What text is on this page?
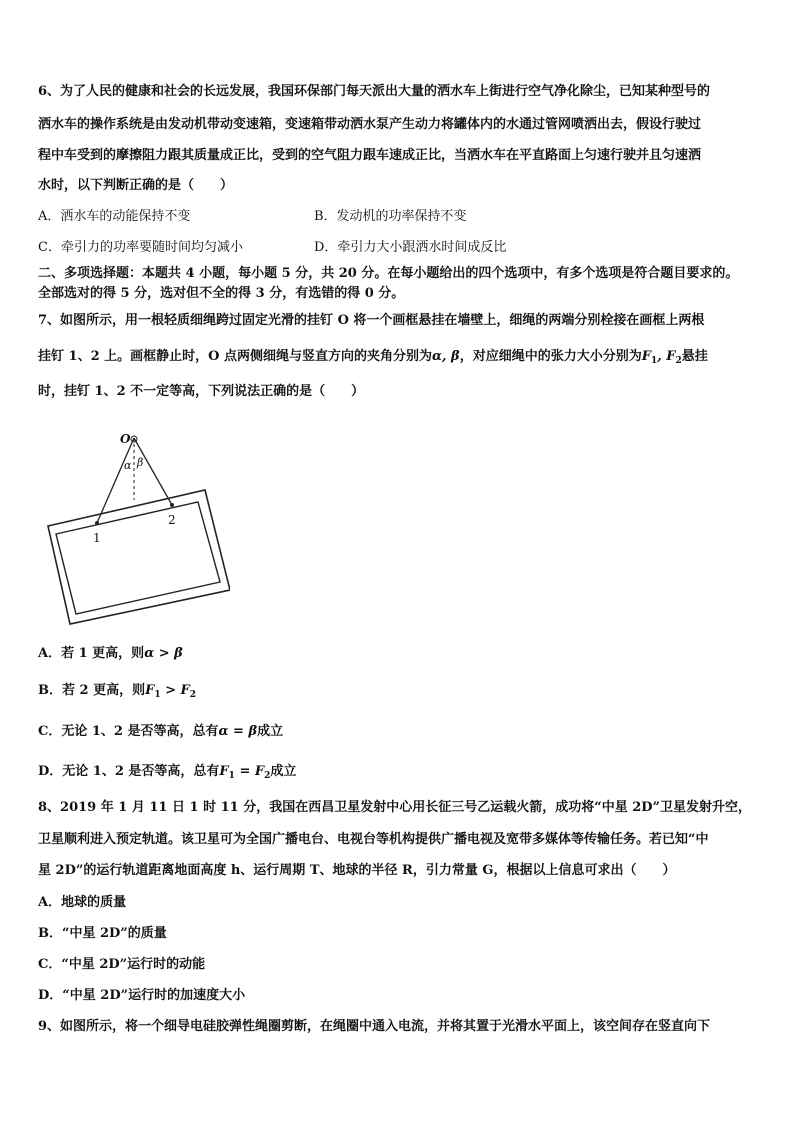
6、为了人民的健康和社会的长远发展，我国环保部门每天派出大量的洒水车上街进行空气净化除尘，已知某种型号的
洒水车的操作系统是由发动机带动变速箱，变速箱带动洒水泵产生动力将罐体内的水通过管网喷洒出去，假设行驶过
程中车受到的摩擦阻力跟其质量成正比，受到的空气阻力跟车速成正比，当洒水车在平直路面上匀速行驶并且匀速洒
水时，以下判断正确的是（　　）
A．洒水车的动能保持不变	B．发动机的功率保持不变
C．牵引力的功率要随时间均匀减小	D．牵引力大小跟洒水时间成反比
二、多项选择题：本题共 4 小题，每小题 5 分，共 20 分。在每小题给出的四个选项中，有多个选项是符合题目要求的。
全部选对的得 5 分，选对但不全的得 3 分，有选错的得 0 分。
7、如图所示，用一根轻质细绳跨过固定光滑的挂钉 O 将一个画框悬挂在墙壁上，细绳的两端分别栓接在画框上两根
挂钉 1、2 上。画框静止时，O 点两侧细绳与竖直方向的夹角分别为α, β，对应细绳中的张力大小分别为$F_1$, $F_2$悬挂
时，挂钉 1、2 不一定等高，下列说法正确的是（　　）
O
α β
1
2
A．若 1 更高，则α > β
B．若 2 更高，则$F_1 > F_2$
C．无论 1、2 是否等高，总有α = β成立
D．无论 1、2 是否等高，总有$F_1 = F_2$成立
8、2019 年 1 月 11 日 1 时 11 分，我国在西昌卫星发射中心用长征三号乙运载火箭，成功将“中星 2D”卫星发射升空，
卫星顺利进入预定轨道。该卫星可为全国广播电台、电视台等机构提供广播电视及宽带多媒体等传输任务。若已知“中
星 2D”的运行轨道距离地面高度 h、运行周期 T、地球的半径 R，引力常量 G，根据以上信息可求出（　　）
A．地球的质量
B．“中星 2D”的质量
C．“中星 2D”运行时的动能
D．“中星 2D”运行时的加速度大小
9、如图所示，将一个细导电硅胶弹性绳圈剪断，在绳圈中通入电流，并将其置于光滑水平面上，该空间存在竖直向下
